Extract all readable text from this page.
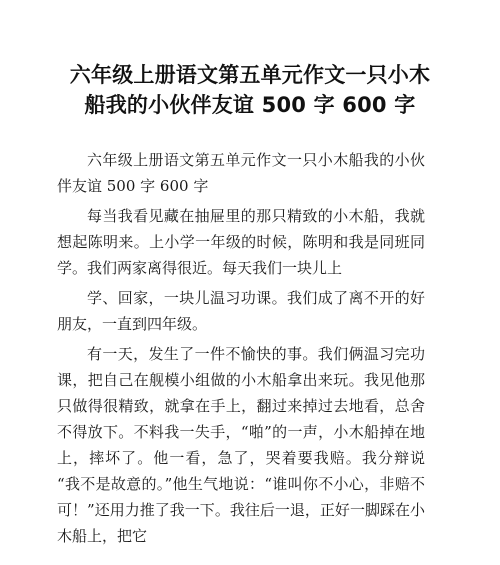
六年级上册语文第五单元作文一只小木船我的小伙伴友谊 500 字 600 字

六年级上册语文第五单元作文一只小木船我的小伙伴友谊 500 字 600 字

每当我看见藏在抽屉里的那只精致的小木船，我就想起陈明来。上小学一年级的时候，陈明和我是同班同学。我们两家离得很近。每天我们一块儿上

学、回家，一块儿温习功课。我们成了离不开的好朋友，一直到四年级。

有一天，发生了一件不愉快的事。我们俩温习完功课，把自己在舰模小组做的小木船拿出来玩。我见他那只做得很精致，就拿在手上，翻过来掉过去地看，总舍不得放下。不料我一失手，“啪”的一声，小木船掉在地上，摔坏了。他一看，急了，哭着要我赔。我分辩说 “我不是故意的。”他生气地说：“谁叫你不小心，非赔不可！”还用力推了我一下。我往后一退，正好一脚踩在小木船上，把它
